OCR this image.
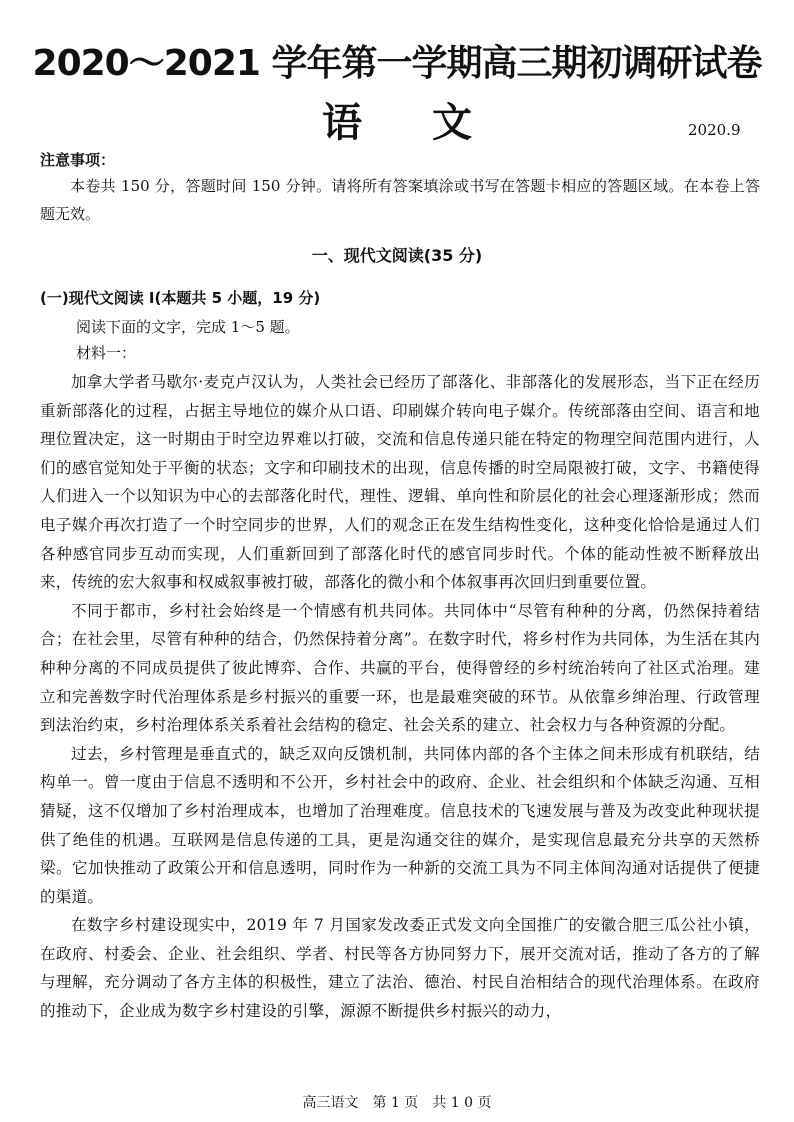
2020～2021 学年第一学期高三期初调研试卷
语文	2020.9
注意事项：
本卷共 150 分，答题时间 150 分钟。请将所有答案填涂或书写在答题卡相应的答题区域。在本卷上答题无效。
一、现代文阅读(35 分)
(一)现代文阅读 I(本题共 5 小题，19 分)
阅读下面的文字，完成 1～5 题。
材料一：

加拿大学者马歇尔·麦克卢汉认为，人类社会已经历了部落化、非部落化的发展形态，当下正在经历重新部落化的过程，占据主导地位的媒介从口语、印刷媒介转向电子媒介。传统部落由空间、语言和地理位置决定，这一时期由于时空边界难以打破，交流和信息传递只能在特定的物理空间范围内进行，人们的感官觉知处于平衡的状态；文字和印刷技术的出现，信息传播的时空局限被打破，文字、书籍使得人们进入一个以知识为中心的去部落化时代，理性、逻辑、单向性和阶层化的社会心理逐渐形成；然而电子媒介再次打造了一个时空同步的世界，人们的观念正在发生结构性变化，这种变化恰恰是通过人们各种感官同步互动而实现，人们重新回到了部落化时代的感官同步时代。个体的能动性被不断释放出来，传统的宏大叙事和权威叙事被打破，部落化的微小和个体叙事再次回归到重要位置。

不同于都市，乡村社会始终是一个情感有机共同体。共同体中“尽管有种种的分离，仍然保持着结合；在社会里，尽管有种种的结合，仍然保持着分离”。在数字时代，将乡村作为共同体，为生活在其内种种分离的不同成员提供了彼此博弈、合作、共赢的平台，使得曾经的乡村统治转向了社区式治理。建立和完善数字时代治理体系是乡村振兴的重要一环，也是最难突破的环节。从依靠乡绅治理、行政管理到法治约束，乡村治理体系关系着社会结构的稳定、社会关系的建立、社会权力与各种资源的分配。

过去，乡村管理是垂直式的，缺乏双向反馈机制，共同体内部的各个主体之间未形成有机联结，结构单一。曾一度由于信息不透明和不公开，乡村社会中的政府、企业、社会组织和个体缺乏沟通、互相猜疑，这不仅增加了乡村治理成本，也增加了治理难度。信息技术的飞速发展与普及为改变此种现状提供了绝佳的机遇。互联网是信息传递的工具，更是沟通交往的媒介，是实现信息最充分共享的天然桥梁。它加快推动了政策公开和信息透明，同时作为一种新的交流工具为不同主体间沟通对话提供了便捷的渠道。

在数字乡村建设现实中，2019 年 7 月国家发改委正式发文向全国推广的安徽合肥三瓜公社小镇，在政府、村委会、企业、社会组织、学者、村民等各方协同努力下，展开交流对话，推动了各方的了解与理解，充分调动了各方主体的积极性，建立了法治、德治、村民自治相结合的现代治理体系。在政府的推动下，企业成为数字乡村建设的引擎，源源不断提供乡村振兴的动力，

高三语文　第 1 页　共 1 0 页
